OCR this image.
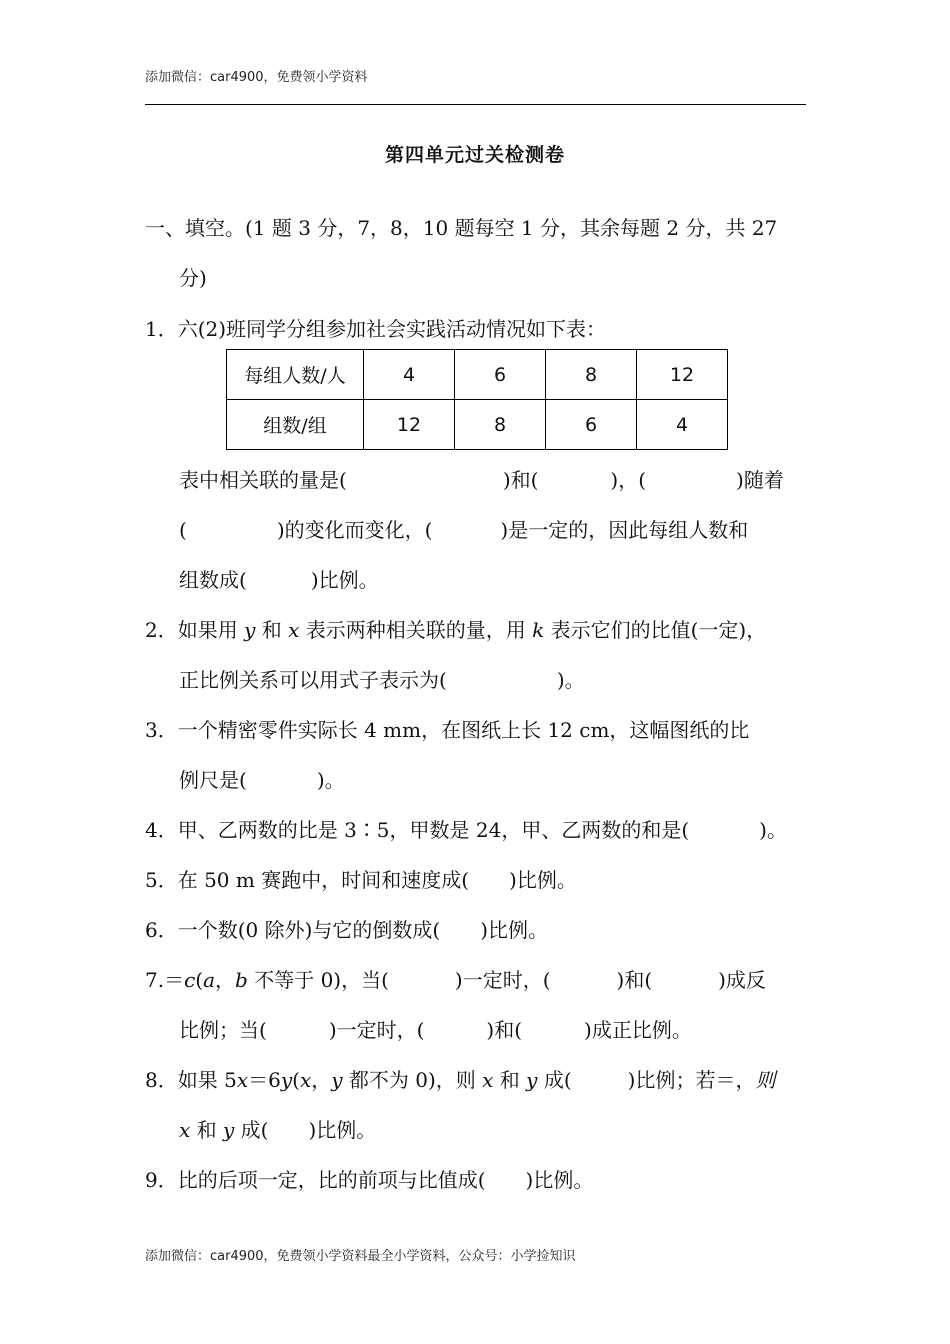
添加微信：car4900，免费领小学资料
第四单元过关检测卷
一、填空。(1 题 3 分，7，8，10 题每空 1 分，其余每题 2 分，共 27
分)
1．六(2)班同学分组参加社会实践活动情况如下表：
每组人数/人	4	6	8	12
组数/组	12	8	6	4
表中相关联的量是(	)和(	)，(	)随着
(	)的变化而变化，(	)是一定的，因此每组人数和
组数成(	)比例。
2．如果用 y 和 x 表示两种相关联的量，用 k 表示它们的比值(一定)，
正比例关系可以用式子表示为(	)。
3．一个精密零件实际长 4 mm，在图纸上长 12 cm，这幅图纸的比
例尺是(	)。
4．甲、乙两数的比是 3∶5，甲数是 24，甲、乙两数的和是(	)。
5．在 50 m 赛跑中，时间和速度成( )比例。
6．一个数(0 除外)与它的倒数成( )比例。
7.＝c(a，b 不等于 0)，当(	)一定时，(	)和(	)成反
比例；当(	)一定时，(	)和(	)成正比例。
8．如果 5x＝6y(x，y 都不为 0)，则 x 和 y 成(	)比例；若＝，则
x 和 y 成( )比例。
9．比的后项一定，比的前项与比值成( )比例。
添加微信：car4900，免费领小学资料最全小学资料，公众号：小学捡知识
